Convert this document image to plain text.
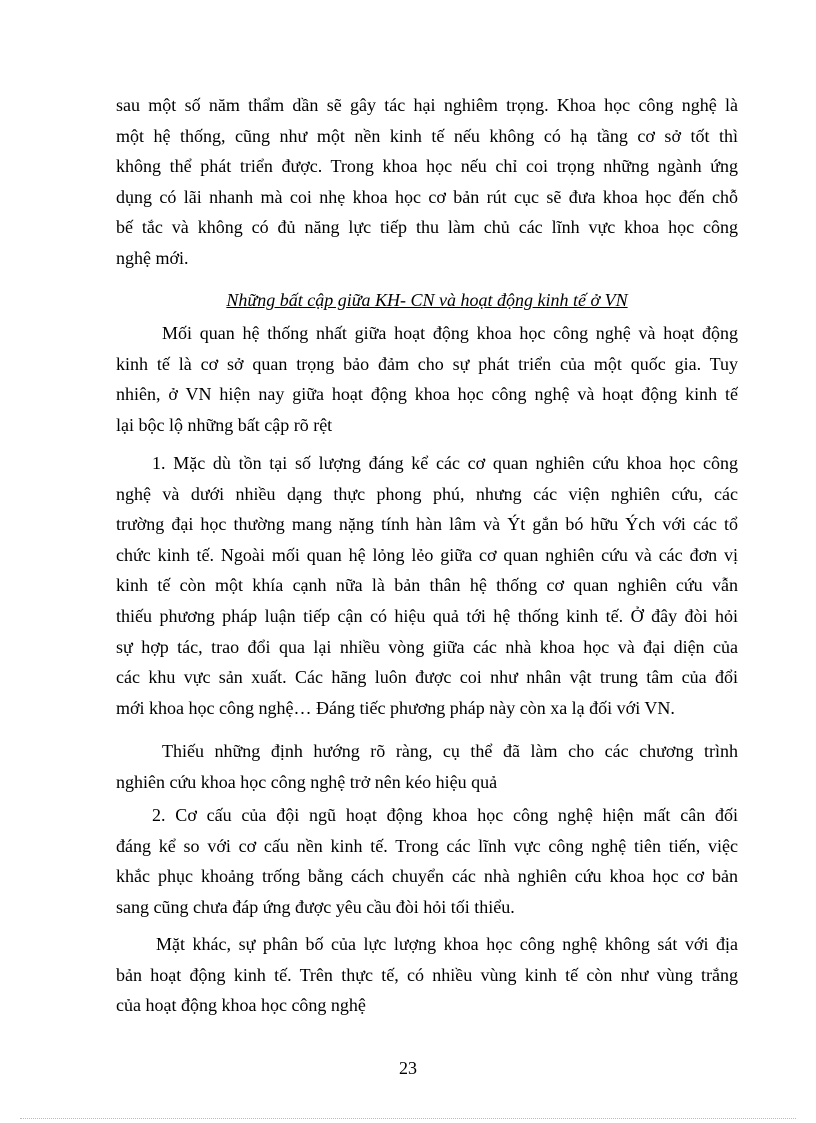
sau một số năm thẩm dần sẽ gây tác hại nghiêm trọng. Khoa học công nghệ là
một hệ thống, cũng như một nền kinh tế nếu không có hạ tầng cơ sở tốt thì
không thể phát triển được. Trong khoa học nếu chỉ coi trọng những ngành ứng
dụng có lãi nhanh mà coi nhẹ khoa học cơ bản rút cục sẽ đưa khoa học đến chỗ
bế tắc và không có đủ năng lực tiếp thu làm chủ các lĩnh vực khoa học công
nghệ mới.
Những bất cập giữa KH- CN và hoạt động kinh tế ở VN
Mối quan hệ thống nhất giữa hoạt động khoa học công nghệ và hoạt động
kinh tế là cơ sở quan trọng bảo đảm cho sự phát triển của một quốc gia. Tuy
nhiên, ở VN hiện nay giữa hoạt động khoa học công nghệ và hoạt động kinh tế
lại bộc lộ những bất cập rõ rệt
1. Mặc dù tồn tại số lượng đáng kể các cơ quan nghiên cứu khoa học công
nghệ và dưới nhiều dạng thực phong phú, nhưng các viện nghiên cứu, các
trường đại học thường mang nặng tính hàn lâm và Ýt gắn bó hữu Ých với các tổ
chức kinh tế. Ngoài mối quan hệ lỏng lẻo giữa cơ quan nghiên cứu và các đơn vị
kinh tế còn một khía cạnh nữa là bản thân hệ thống cơ quan nghiên cứu vẫn
thiếu phương pháp luận tiếp cận có hiệu quả tới hệ thống kinh tế. Ở đây đòi hỏi
sự hợp tác, trao đổi qua lại nhiều vòng giữa các nhà khoa học và đại diện của
các khu vực sản xuất. Các hãng luôn được coi như nhân vật trung tâm của đổi
mới khoa học công nghệ… Đáng tiếc phương pháp này còn xa lạ đối với VN.
Thiếu những định hướng rõ ràng, cụ thể đã làm cho các chương trình
nghiên cứu khoa học công nghệ trở nên kéo hiệu quả
2. Cơ cấu của đội ngũ hoạt động khoa học công nghệ hiện mất cân đối
đáng kể so với cơ cấu nền kinh tế. Trong các lĩnh vực công nghệ tiên tiến, việc
khắc phục khoảng trống bằng cách chuyển các nhà nghiên cứu khoa học cơ bản
sang cũng chưa đáp ứng được yêu cầu đòi hỏi tối thiểu.
Mặt khác, sự phân bố của lực lượng khoa học công nghệ không sát với địa
bản hoạt động kinh tế. Trên thực tế, có nhiều vùng kinh tế còn như vùng trắng
của hoạt động khoa học công nghệ
23
